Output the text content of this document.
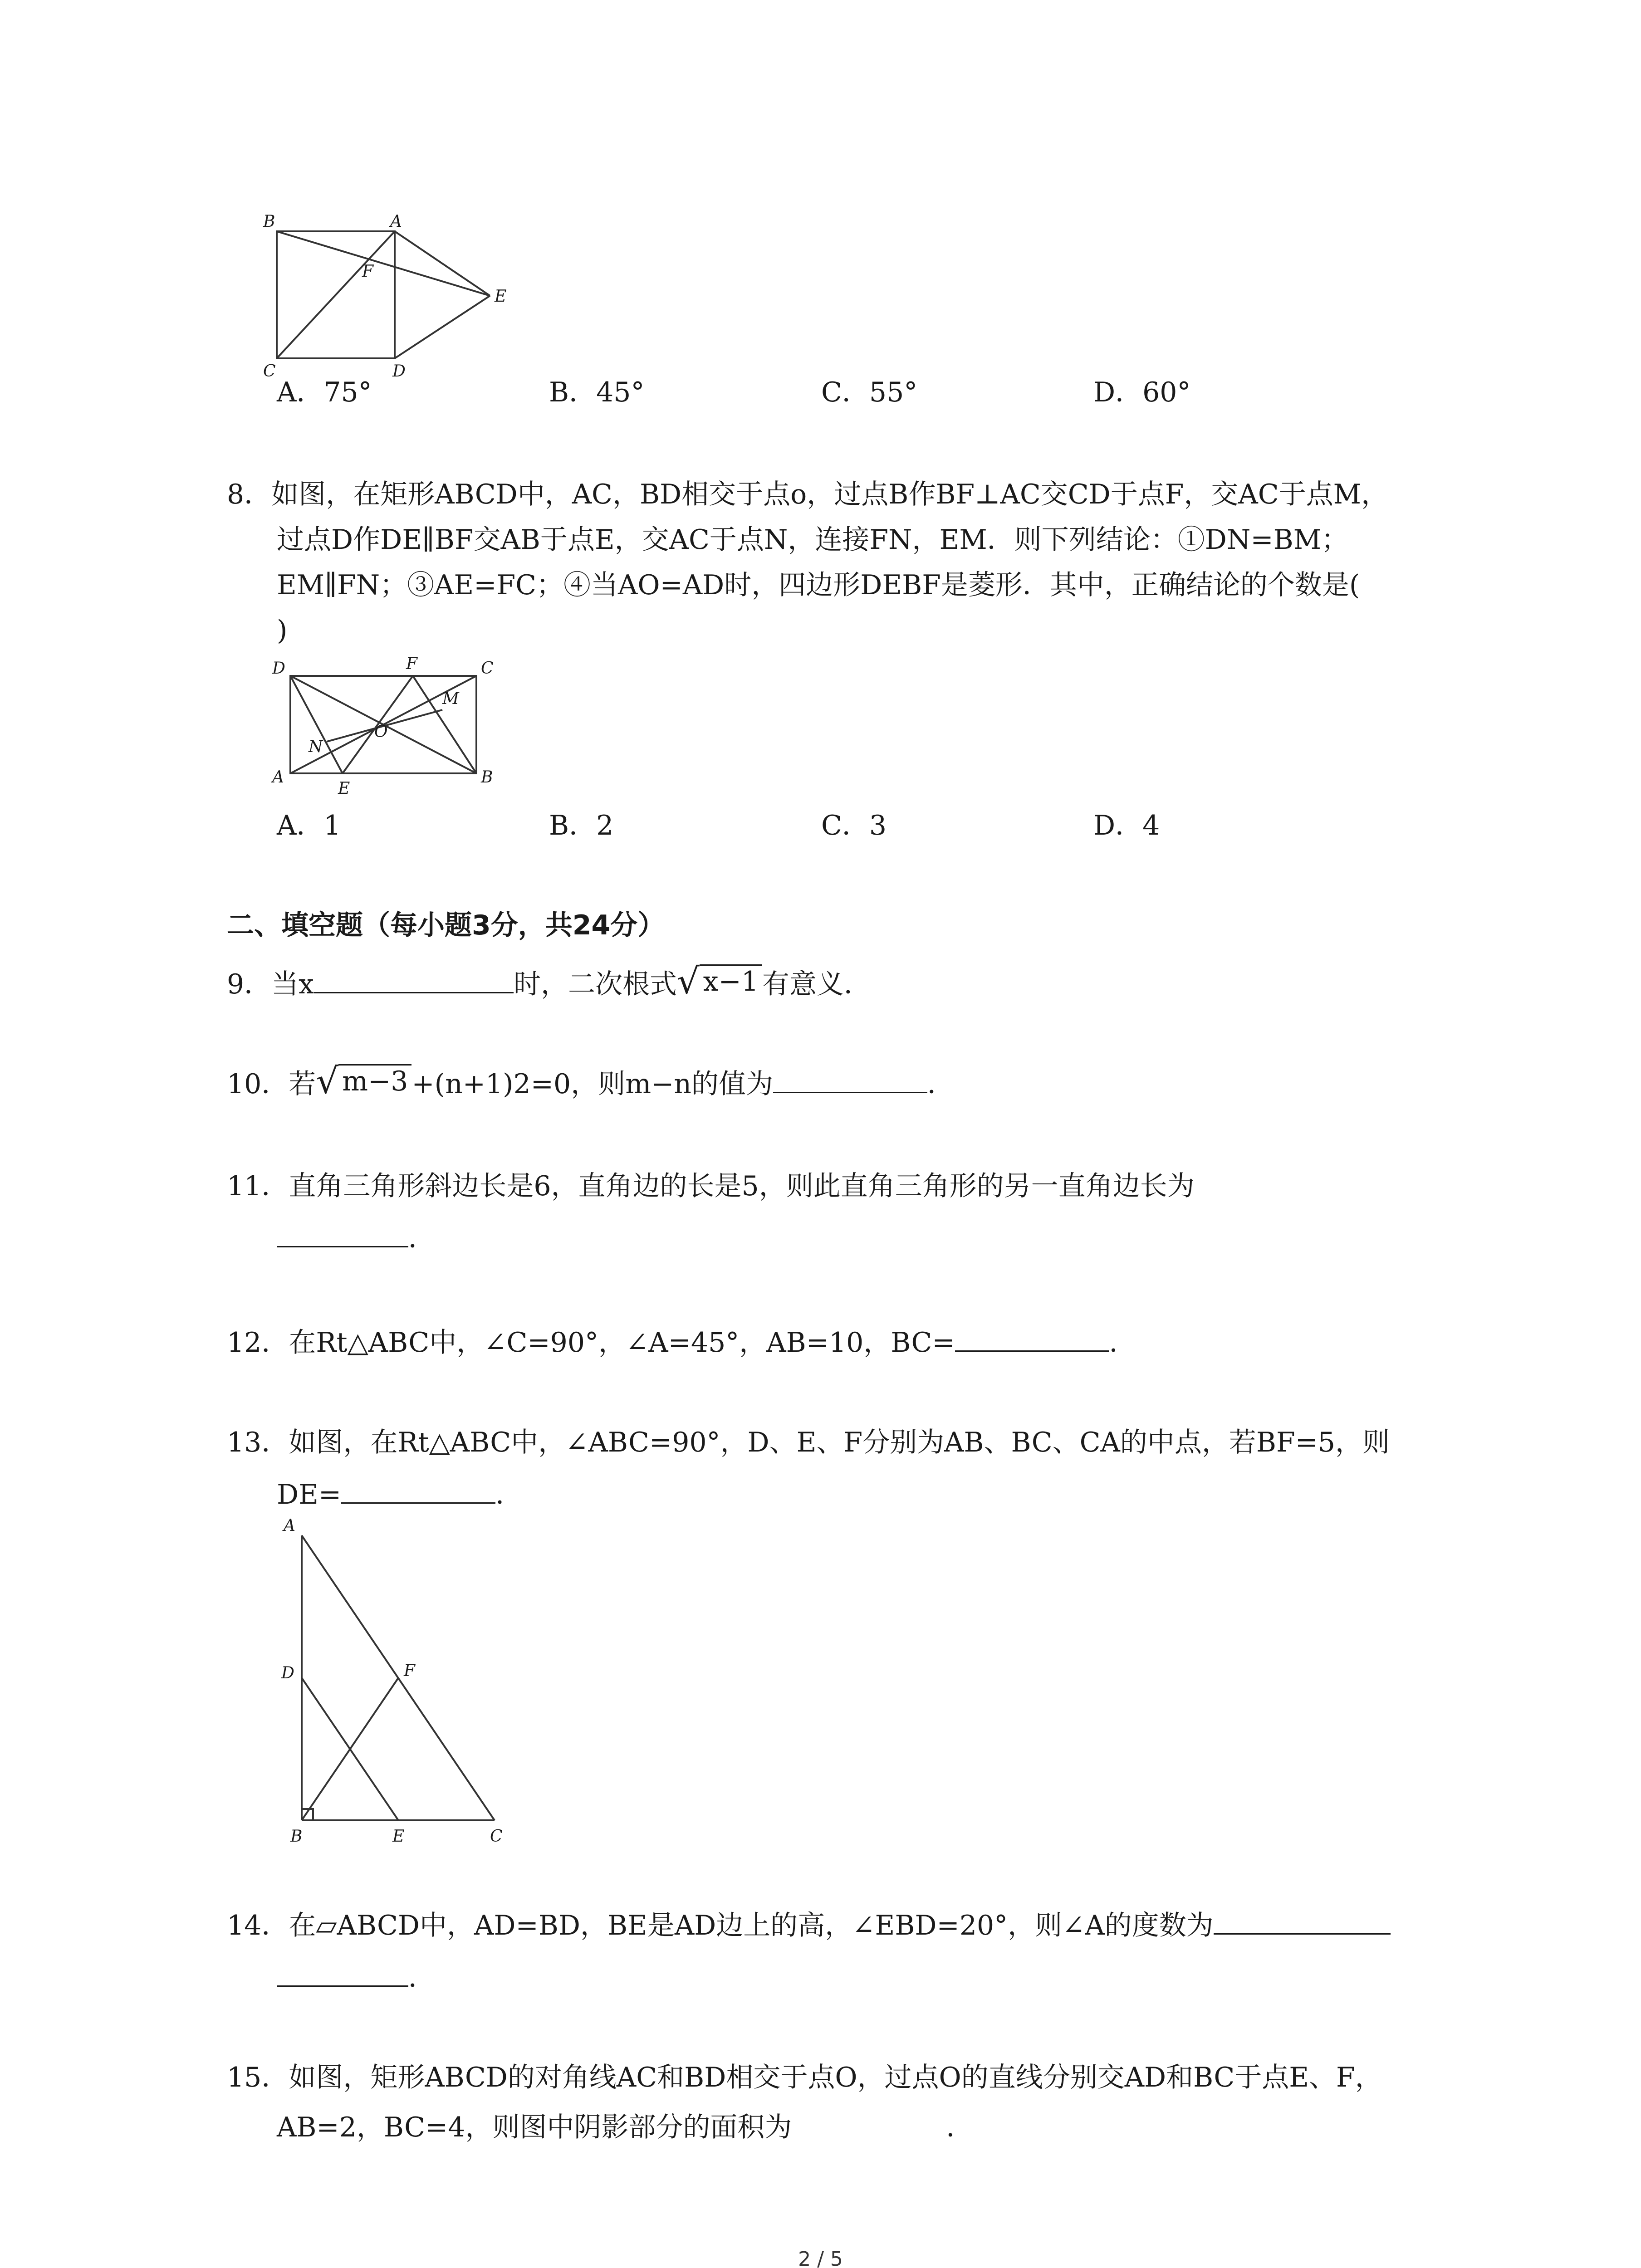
B	A
F
E
C	D
A．75°	B．45°	C．55°	D．60°
8．如图，在矩形ABCD中，AC，BD相交于点o，过点B作BF⊥AC交CD于点F，交AC于点M，
过点D作DE∥BF交AB于点E，交AC于点N，连接FN，EM．则下列结论：①DN=BM；
EM∥FN；③AE=FC；④当AO=AD时，四边形DEBF是菱形．其中，正确结论的个数是(
)
D	F	C
M
O
N
A
E
B
A．1	B．2	C．3	D．4
二、填空题（每小题3分，共24分）
9．当x	时，二次根式 √ x−1 有意义．
10．若 √ m−3 +(n+1)2=0，则m−n的值为	．
11．直角三角形斜边长是6，直角边的长是5，则此直角三角形的另一直角边长为
．
12．在Rt△ABC中，∠C=90°，∠A=45°，AB=10，BC=	．
13．如图，在Rt△ABC中，∠ABC=90°，D、E、F分别为AB、BC、CA的中点，若BF=5，则
DE=	．
A
D	F
B	E	C
14．在▱ABCD中，AD=BD，BE是AD边上的高，∠EBD=20°，则∠A的度数为
．
15．如图，矩形ABCD的对角线AC和BD相交于点O，过点O的直线分别交AD和BC于点E、F，
AB=2，BC=4，则图中阴影部分的面积为	．
2 / 5
